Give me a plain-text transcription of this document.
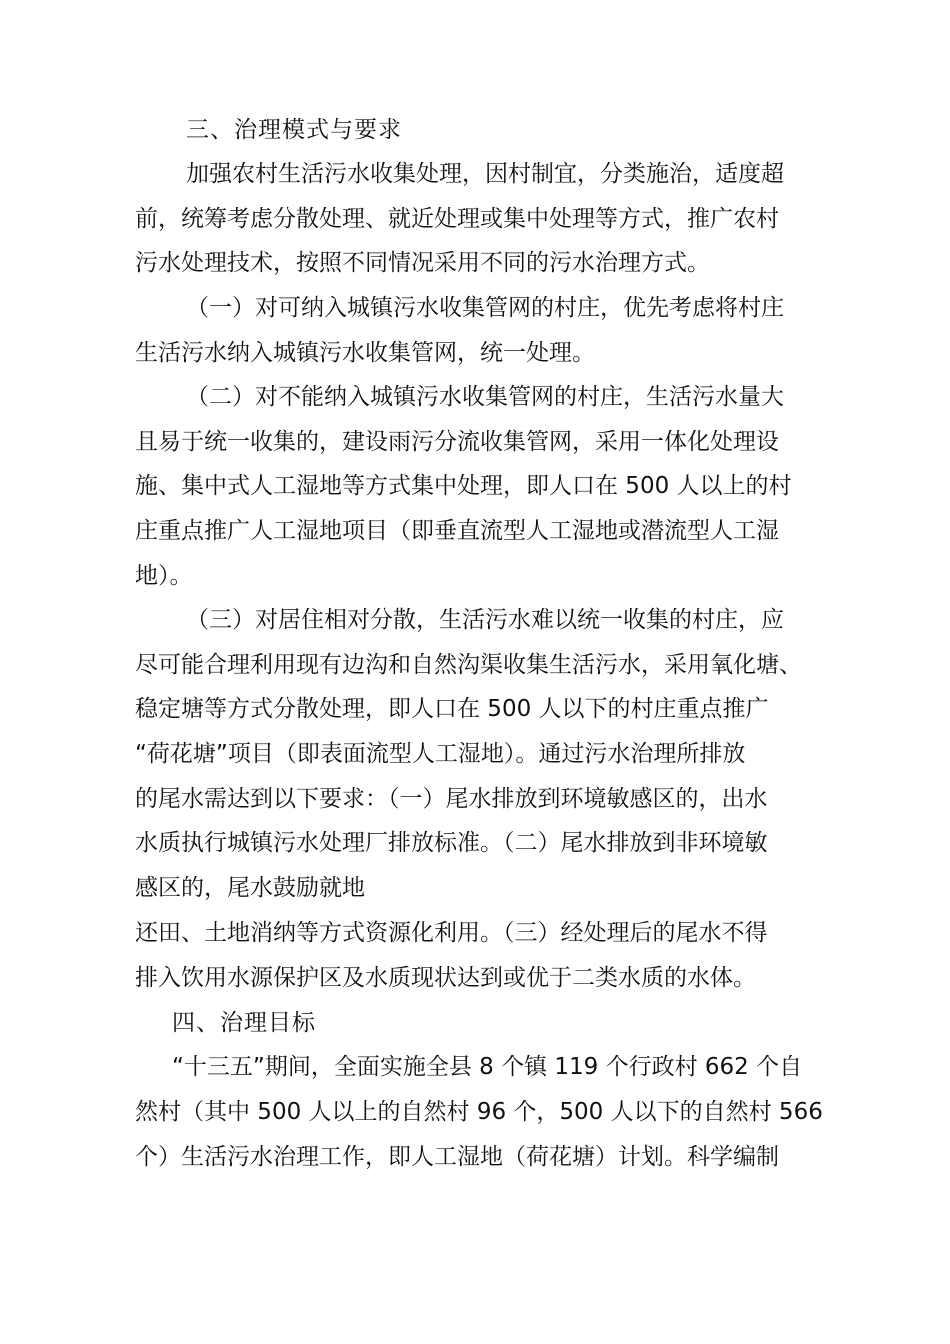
三、治理模式与要求

加强农村生活污水收集处理，因村制宜，分类施治，适度超

前，统筹考虑分散处理、就近处理或集中处理等方式，推广农村

污水处理技术，按照不同情况采用不同的污水治理方式。

（一）对可纳入城镇污水收集管网的村庄，优先考虑将村庄

生活污水纳入城镇污水收集管网，统一处理。

（二）对不能纳入城镇污水收集管网的村庄，生活污水量大

且易于统一收集的，建设雨污分流收集管网，采用一体化处理设

施、集中式人工湿地等方式集中处理，即人口在 500 人以上的村

庄重点推广人工湿地项目（即垂直流型人工湿地或潜流型人工湿

地）。

（三）对居住相对分散，生活污水难以统一收集的村庄，应

尽可能合理利用现有边沟和自然沟渠收集生活污水，采用氧化塘、

稳定塘等方式分散处理，即人口在 500 人以下的村庄重点推广

“荷花塘”项目（即表面流型人工湿地）。通过污水治理所排放

的尾水需达到以下要求：（一）尾水排放到环境敏感区的，出水

水质执行城镇污水处理厂排放标准。（二）尾水排放到非环境敏

感区的，尾水鼓励就地

还田、土地消纳等方式资源化利用。（三）经处理后的尾水不得

排入饮用水源保护区及水质现状达到或优于二类水质的水体。

四、治理目标

“十三五”期间，全面实施全县 8 个镇 119 个行政村 662 个自

然村（其中 500 人以上的自然村 96 个，500 人以下的自然村 566

个）生活污水治理工作，即人工湿地（荷花塘）计划。科学编制
